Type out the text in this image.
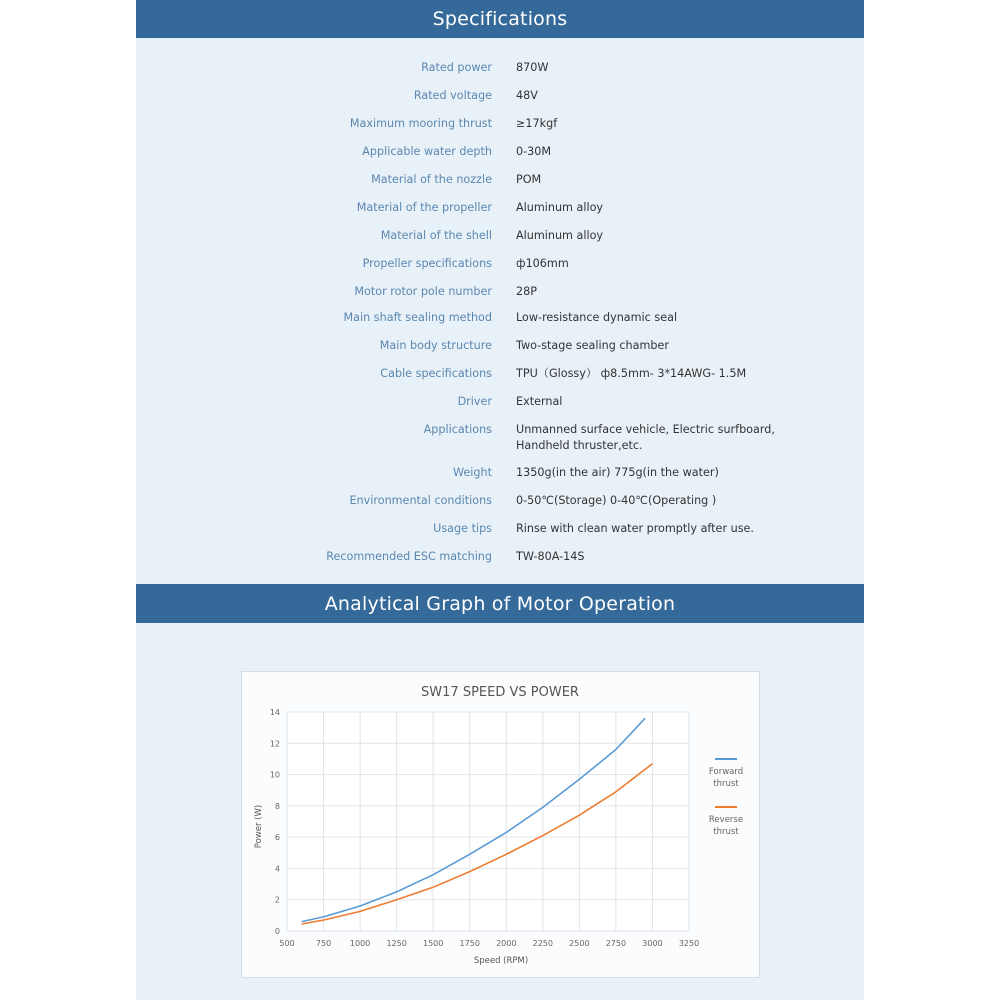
Specifications
Rated power 870W
Rated voltage 48V
Maximum mooring thrust ≥17kgf
Applicable water depth 0-30M
Material of the nozzle POM
Material of the propeller Aluminum alloy
Material of the shell Aluminum alloy
Propeller specifications ф106mm
Motor rotor pole number 28P
Main shaft sealing method Low-resistance dynamic seal
Main body structure Two-stage sealing chamber
Cable specifications TPU（Glossy） ф8.5mm- 3*14AWG- 1.5M
Driver External
Applications Unmanned surface vehicle, Electric surfboard,
Handheld thruster,etc.
Weight 1350g(in the air) 775g(in the water)
Environmental conditions 0-50℃(Storage) 0-40℃(Operating )
Usage tips Rinse with clean water promptly after use.
Recommended ESC matching TW-80A-14S
Analytical Graph of Motor Operation
500	750 1000 1250 1500 1750 2000 2250 2500 2750 3000 3250
0
2
4
6
8
10
12
14
SW17 SPEED VS POWER
Speed (RPM)
Power (W)
Forward
thrust
Reverse
thrust
